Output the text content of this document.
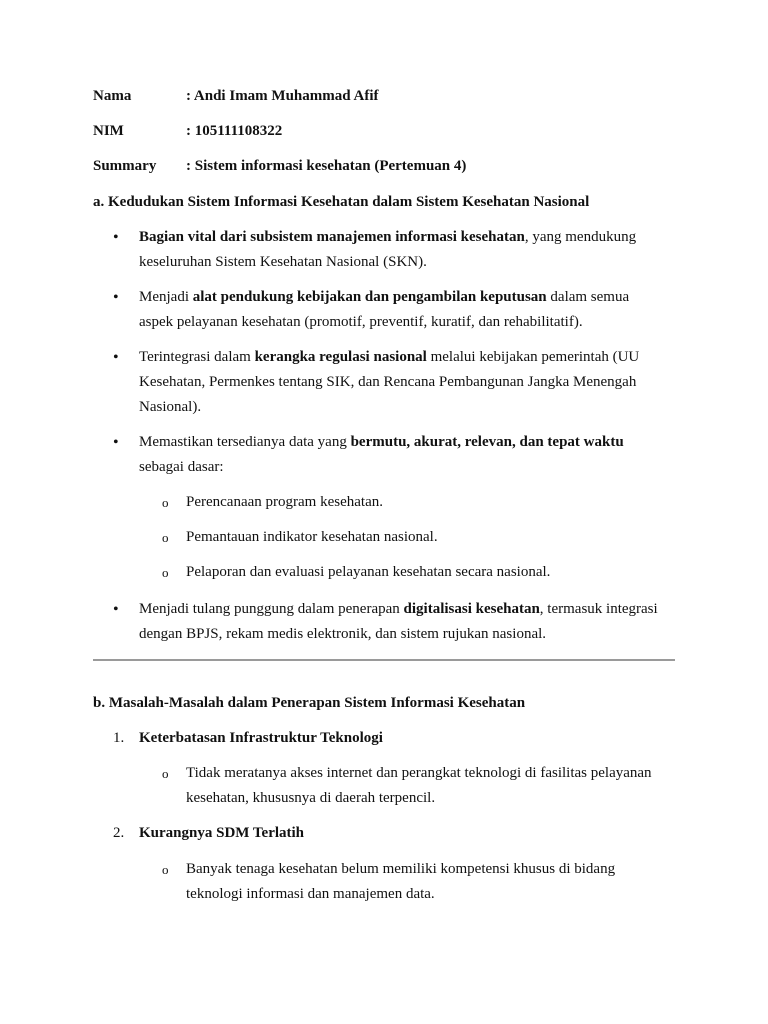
Nama	: Andi Imam Muhammad Afif
NIM	: 105111108322
Summary : Sistem informasi kesehatan (Pertemuan 4)
a. Kedudukan Sistem Informasi Kesehatan dalam Sistem Kesehatan Nasional
• Bagian vital dari subsistem manajemen informasi kesehatan, yang mendukung
keseluruhan Sistem Kesehatan Nasional (SKN).
• Menjadi alat pendukung kebijakan dan pengambilan keputusan dalam semua
aspek pelayanan kesehatan (promotif, preventif, kuratif, dan rehabilitatif).
• Terintegrasi dalam kerangka regulasi nasional melalui kebijakan pemerintah (UU
Kesehatan, Permenkes tentang SIK, dan Rencana Pembangunan Jangka Menengah
Nasional).
• Memastikan tersedianya data yang bermutu, akurat, relevan, dan tepat waktu
sebagai dasar:
o Perencanaan program kesehatan.
o Pemantauan indikator kesehatan nasional.
o Pelaporan dan evaluasi pelayanan kesehatan secara nasional.
• Menjadi tulang punggung dalam penerapan digitalisasi kesehatan, termasuk integrasi
dengan BPJS, rekam medis elektronik, dan sistem rujukan nasional.
b. Masalah-Masalah dalam Penerapan Sistem Informasi Kesehatan
1. Keterbatasan Infrastruktur Teknologi
o Tidak meratanya akses internet dan perangkat teknologi di fasilitas pelayanan
kesehatan, khususnya di daerah terpencil.
2. Kurangnya SDM Terlatih
o Banyak tenaga kesehatan belum memiliki kompetensi khusus di bidang
teknologi informasi dan manajemen data.
